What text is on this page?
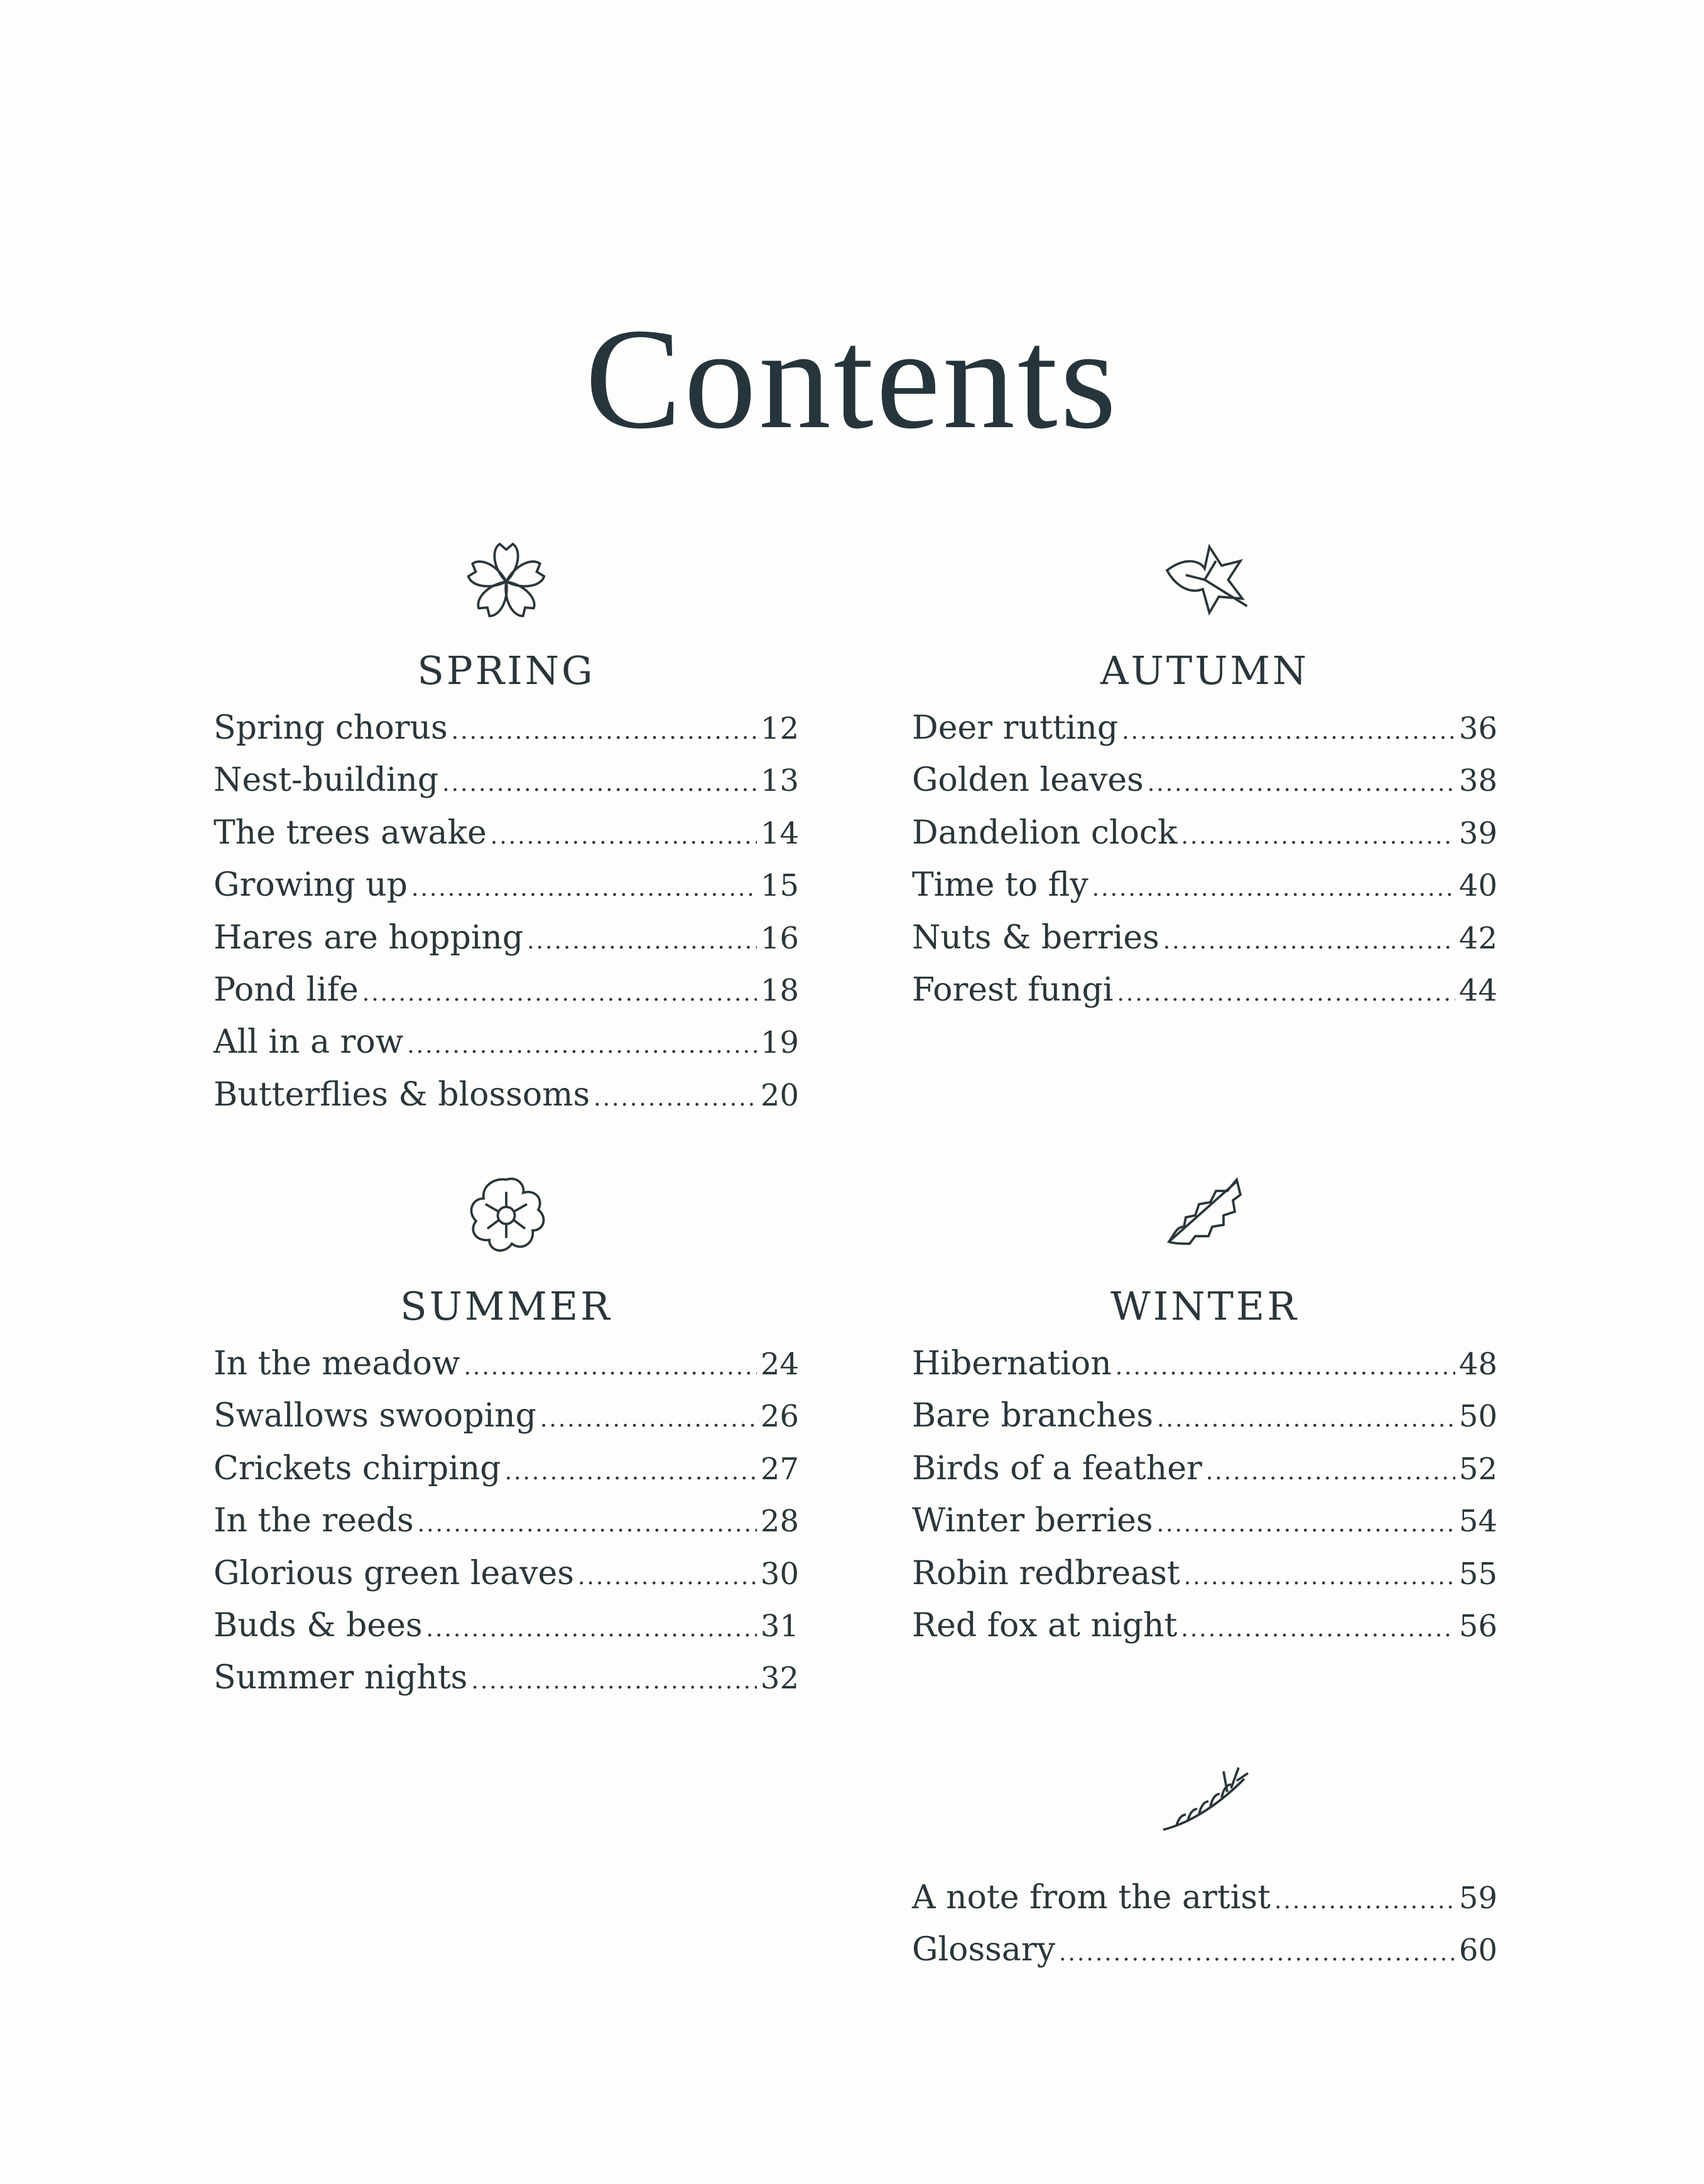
Contents
SPRING
Spring chorus .....	12
Nest-building .....	13
The trees awake .....	14
Growing up .....	15
Hares are hopping .....	16
Pond life .....	18
All in a row .....	19
Butterflies & blossoms .....	20
AUTUMN
Deer rutting .....	36
Golden leaves .....	38
Dandelion clock .....	39
Time to fly .....	40
Nuts & berries .....	42
Forest fungi .....	44
SUMMER
In the meadow .....	24
Swallows swooping .....	26
Crickets chirping .....	27
In the reeds .....	28
Glorious green leaves .....	30
Buds & bees .....	31
Summer nights .....	32
WINTER
Hibernation .....	48
Bare branches .....	50
Birds of a feather .....	52
Winter berries .....	54
Robin redbreast .....	55
Red fox at night .....	56
A note from the artist .....	59
Glossary .....	60
